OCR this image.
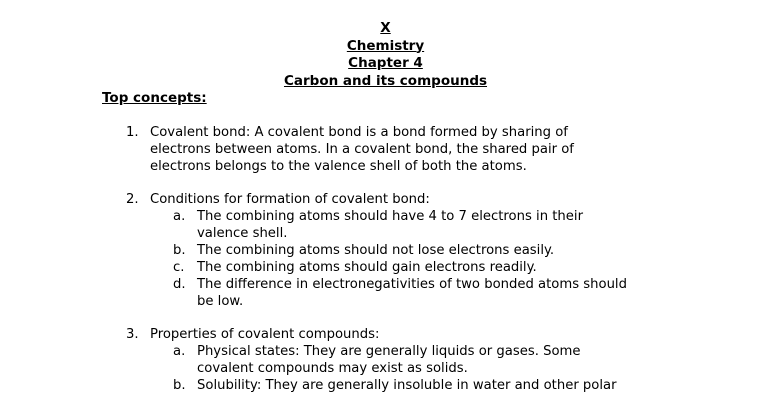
X
Chemistry
Chapter 4
Carbon and its compounds
Top concepts:
1. Covalent bond: A covalent bond is a bond formed by sharing of
electrons between atoms. In a covalent bond, the shared pair of
electrons belongs to the valence shell of both the atoms.
2. Conditions for formation of covalent bond:
a. The combining atoms should have 4 to 7 electrons in their
valence shell.
b. The combining atoms should not lose electrons easily.
c. The combining atoms should gain electrons readily.
d. The difference in electronegativities of two bonded atoms should
be low.
3. Properties of covalent compounds:
a. Physical states: They are generally liquids or gases. Some
covalent compounds may exist as solids.
b. Solubility: They are generally insoluble in water and other polar
